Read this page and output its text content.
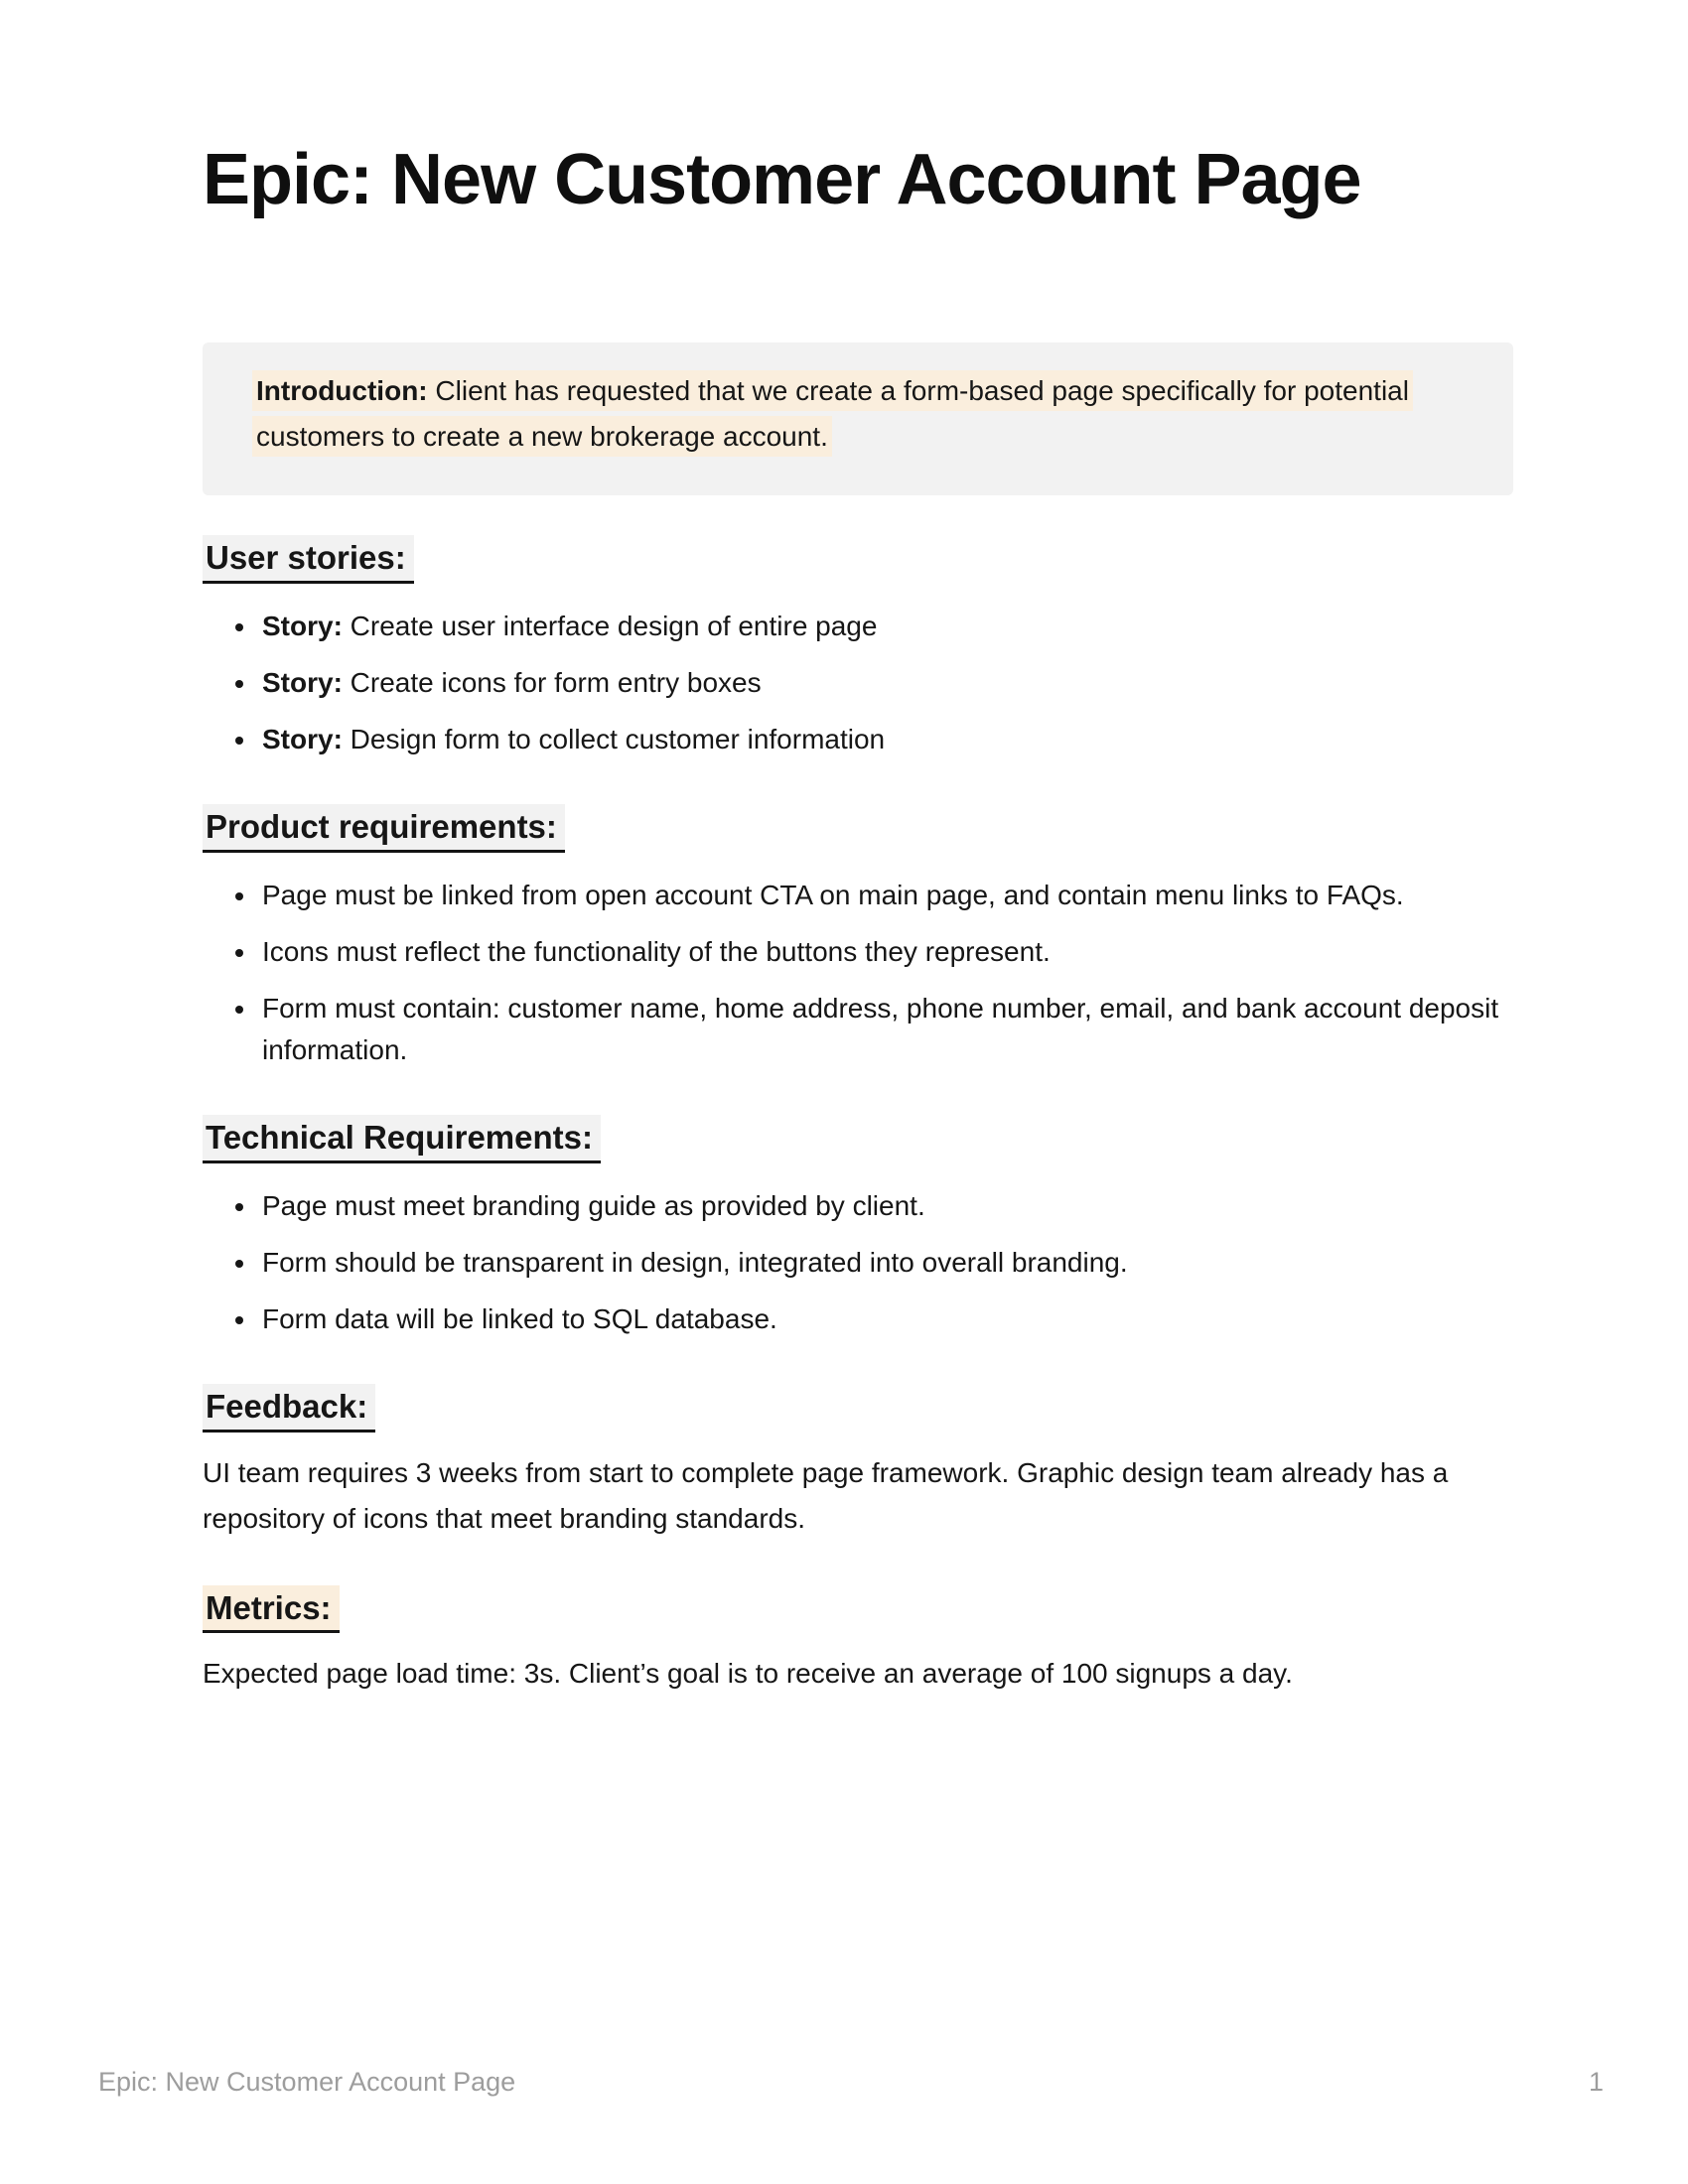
Epic: New Customer Account Page

Introduction: Client has requested that we create a form-based page specifically for potential customers to create a new brokerage account.

User stories:
• Story: Create user interface design of entire page
• Story: Create icons for form entry boxes
• Story: Design form to collect customer information
Product requirements:
• Page must be linked from open account CTA on main page, and contain menu links to FAQs.
• Icons must reflect the functionality of the buttons they represent.
• Form must contain: customer name, home address, phone number, email, and bank account deposit information.
Technical Requirements:
• Page must meet branding guide as provided by client.
• Form should be transparent in design, integrated into overall branding.
• Form data will be linked to SQL database.
Feedback:

UI team requires 3 weeks from start to complete page framework. Graphic design team already has a repository of icons that meet branding standards.

Metrics:

Expected page load time: 3s. Client’s goal is to receive an average of 100 signups a day.

Epic: New Customer Account Page	1
